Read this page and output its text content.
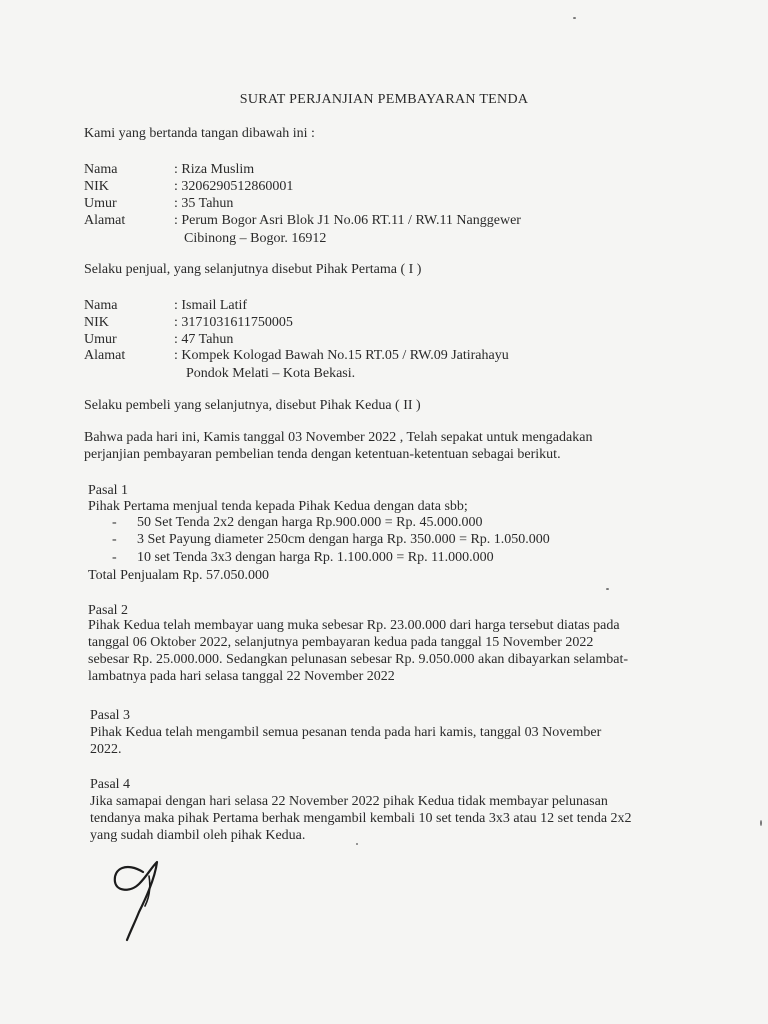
SURAT PERJANJIAN PEMBAYARAN TENDA
Kami yang bertanda tangan dibawah ini :
Nama	: Riza Muslim
NIK	: 3206290512860001
Umur	: 35 Tahun
Alamat	: Perum Bogor Asri Blok J1 No.06 RT.11 / RW.11 Nanggewer
Cibinong – Bogor. 16912
Selaku penjual, yang selanjutnya disebut Pihak Pertama ( I )
Nama	: Ismail Latif
NIK	: 3171031611750005
Umur	: 47 Tahun
Alamat	: Kompek Kologad Bawah No.15 RT.05 / RW.09 Jatirahayu
Pondok Melati – Kota Bekasi.
Selaku pembeli yang selanjutnya, disebut Pihak Kedua ( II )
Bahwa pada hari ini, Kamis tanggal 03 November 2022 , Telah sepakat untuk mengadakan
perjanjian pembayaran pembelian tenda dengan ketentuan-ketentuan sebagai berikut.
Pasal 1
Pihak Pertama menjual tenda kepada Pihak Kedua dengan data sbb;
- 50 Set Tenda 2x2 dengan harga Rp.900.000 = Rp. 45.000.000
- 3 Set Payung diameter 250cm dengan harga Rp. 350.000 = Rp. 1.050.000
- 10 set Tenda 3x3 dengan harga Rp. 1.100.000 = Rp. 11.000.000
Total Penjualam Rp. 57.050.000
Pasal 2
Pihak Kedua telah membayar uang muka sebesar Rp. 23.00.000 dari harga tersebut diatas pada
tanggal 06 Oktober 2022, selanjutnya pembayaran kedua pada tanggal 15 November 2022
sebesar Rp. 25.000.000. Sedangkan pelunasan sebesar Rp. 9.050.000 akan dibayarkan selambat-
lambatnya pada hari selasa tanggal 22 November 2022
Pasal 3
Pihak Kedua telah mengambil semua pesanan tenda pada hari kamis, tanggal 03 November
2022.
Pasal 4
Jika samapai dengan hari selasa 22 November 2022 pihak Kedua tidak membayar pelunasan
tendanya maka pihak Pertama berhak mengambil kembali 10 set tenda 3x3 atau 12 set tenda 2x2
yang sudah diambil oleh pihak Kedua.
